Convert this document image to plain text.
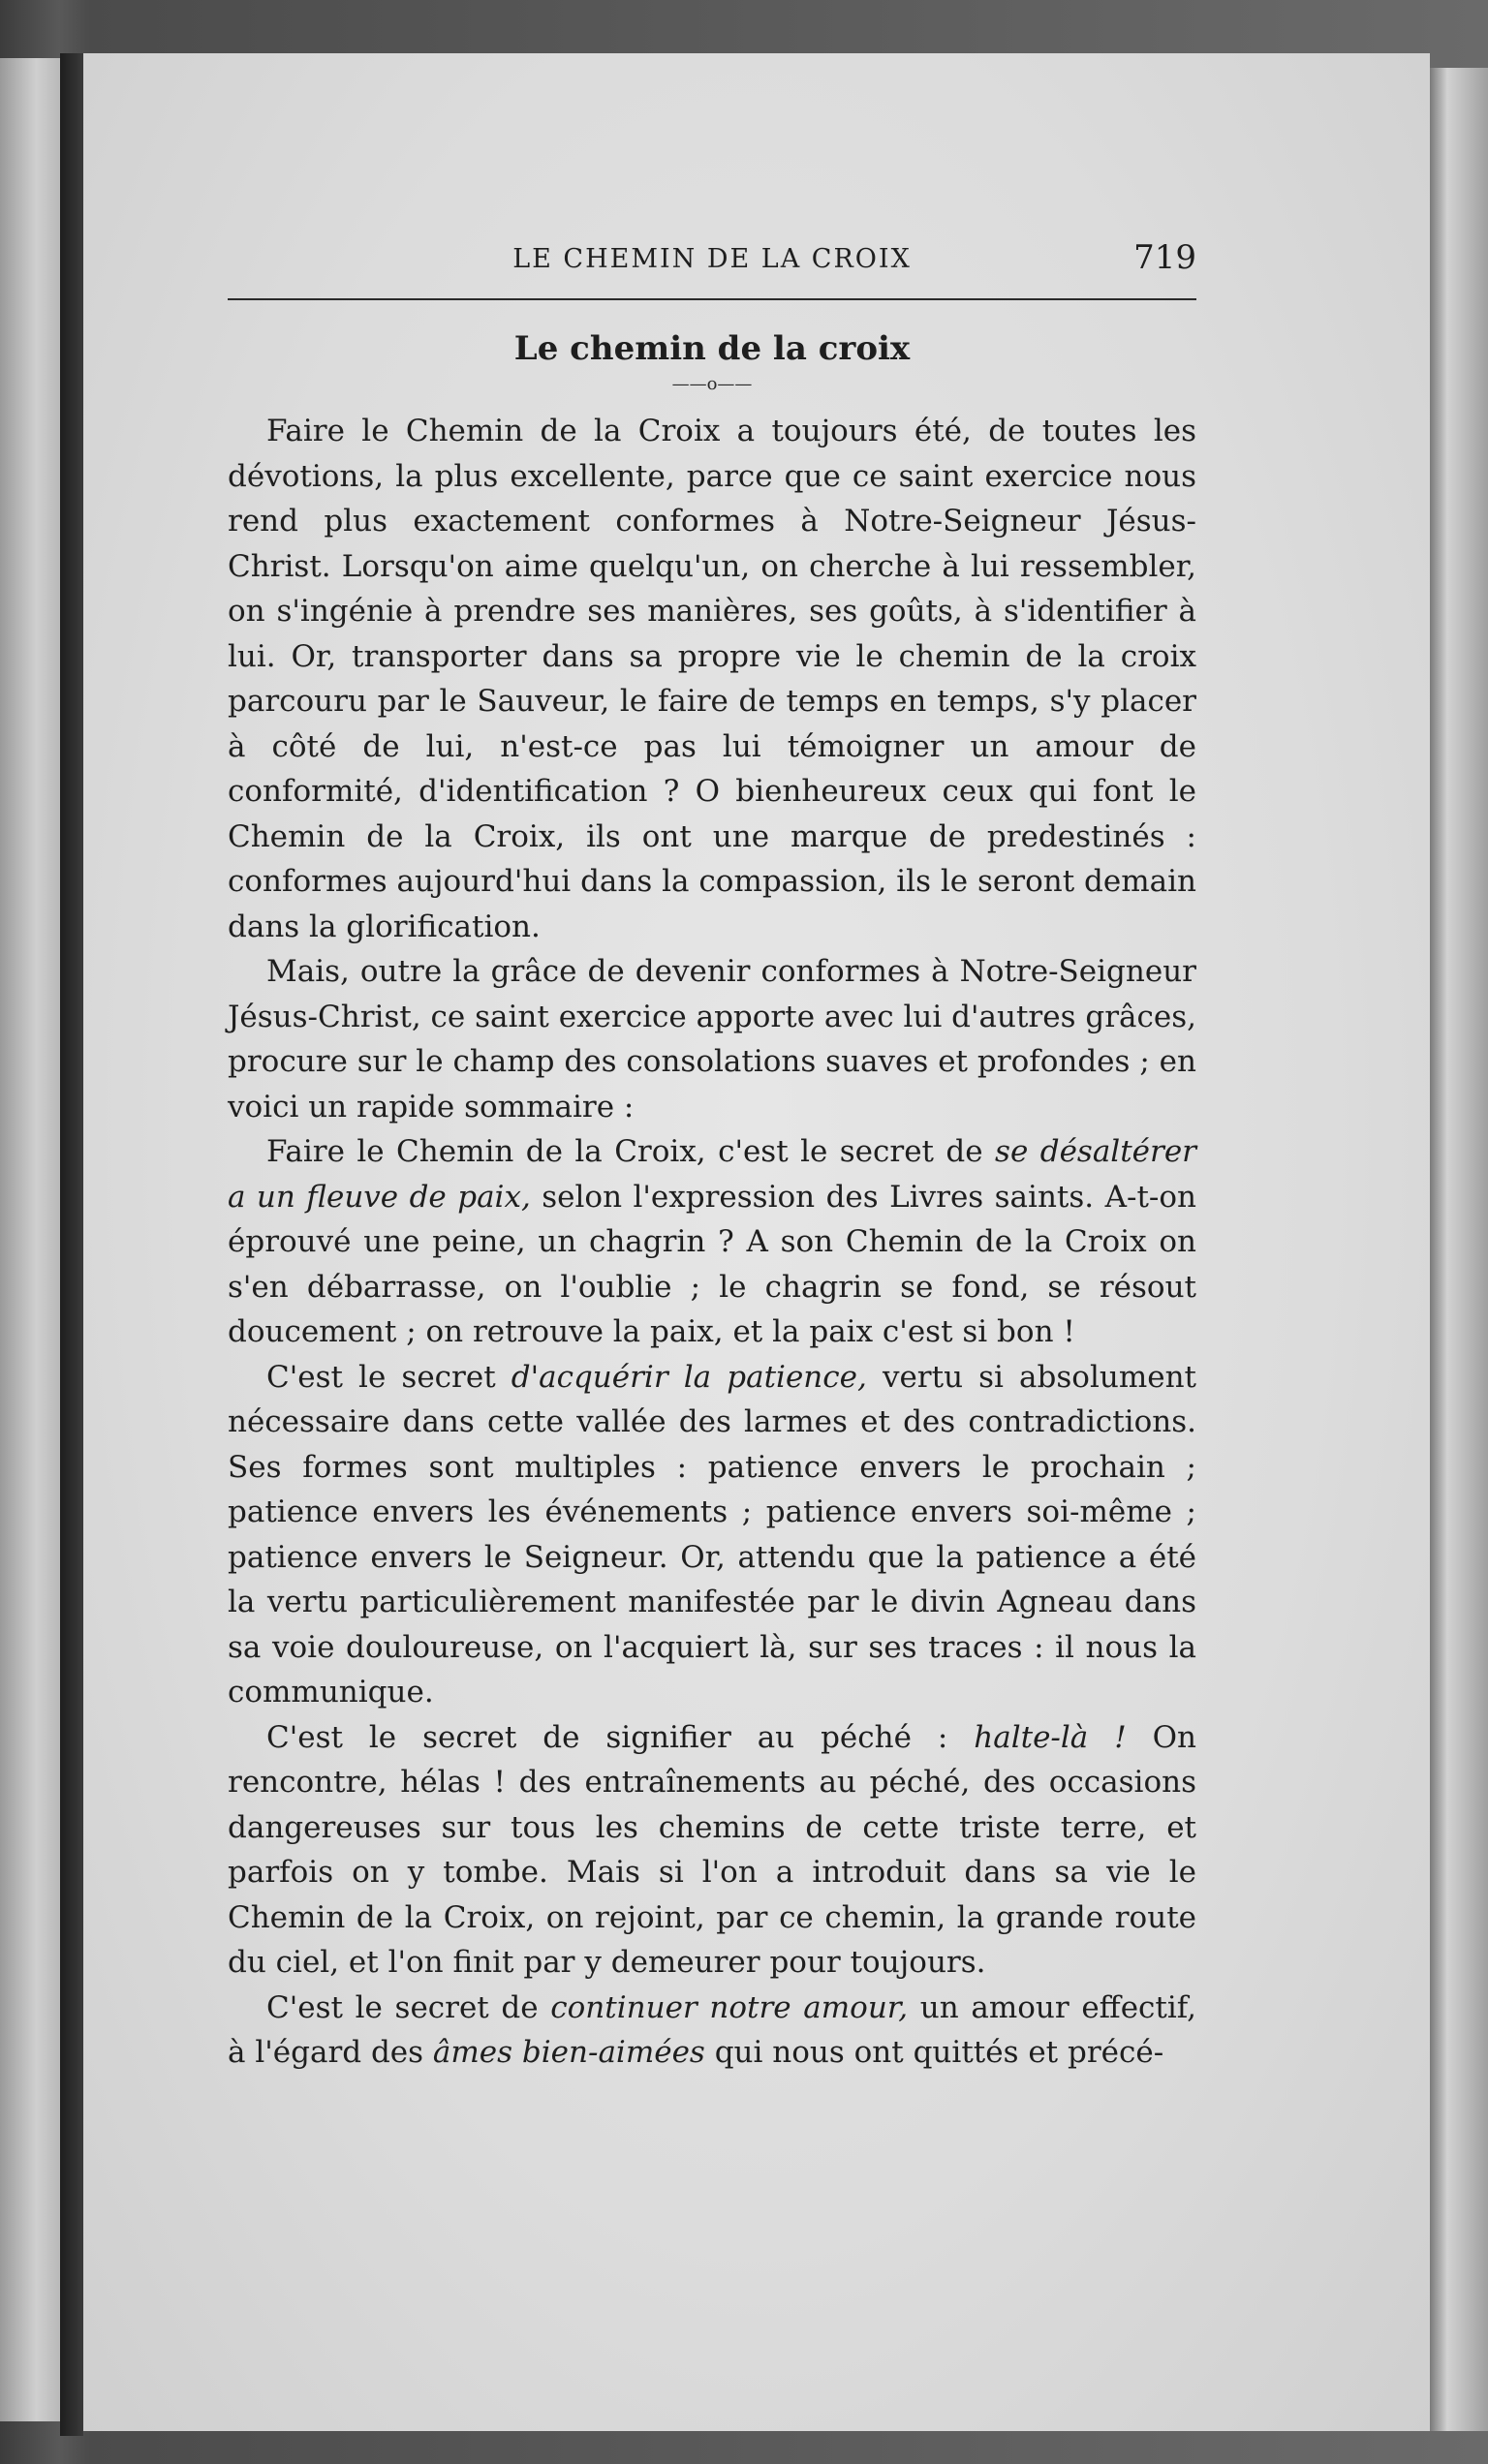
LE CHEMIN DE LA CROIX	719
Le chemin de la croix
——o——

Faire le Chemin de la Croix a toujours été, de toutes les dévotions, la plus excellente, parce que ce saint exercice nous rend plus exactement conformes à Notre-Seigneur Jésus-Christ. Lorsqu'on aime quelqu'un, on cherche à lui ressembler, on s'ingénie à prendre ses manières, ses goûts, à s'identifier à lui. Or, transporter dans sa propre vie le chemin de la croix parcouru par le Sauveur, le faire de temps en temps, s'y placer à côté de lui, n'est-ce pas lui témoigner un amour de conformité, d'identification ? O bienheureux ceux qui font le Chemin de la Croix, ils ont une marque de predestinés : conformes aujourd'hui dans la compassion, ils le seront demain dans la glorification.

Mais, outre la grâce de devenir conformes à Notre-Seigneur Jésus-Christ, ce saint exercice apporte avec lui d'autres grâces, procure sur le champ des consolations suaves et profondes ; en voici un rapide sommaire :

Faire le Chemin de la Croix, c'est le secret de se désaltérer a un fleuve de paix, selon l'expression des Livres saints. A-t-on éprouvé une peine, un chagrin ? A son Chemin de la Croix on s'en débarrasse, on l'oublie ; le chagrin se fond, se résout doucement ; on retrouve la paix, et la paix c'est si bon !

C'est le secret d'acquérir la patience, vertu si absolument nécessaire dans cette vallée des larmes et des contradictions. Ses formes sont multiples : patience envers le prochain ; patience envers les événements ; patience envers soi-même ; patience envers le Seigneur. Or, attendu que la patience a été la vertu particulièrement manifestée par le divin Agneau dans sa voie douloureuse, on l'acquiert là, sur ses traces : il nous la communique.

C'est le secret de signifier au péché : halte-là ! On rencontre, hélas ! des entraînements au péché, des occasions dangereuses sur tous les chemins de cette triste terre, et parfois on y tombe. Mais si l'on a introduit dans sa vie le Chemin de la Croix, on rejoint, par ce chemin, la grande route du ciel, et l'on finit par y demeurer pour toujours.

C'est le secret de continuer notre amour, un amour effectif, à l'égard des âmes bien-aimées qui nous ont quittés et précé-
